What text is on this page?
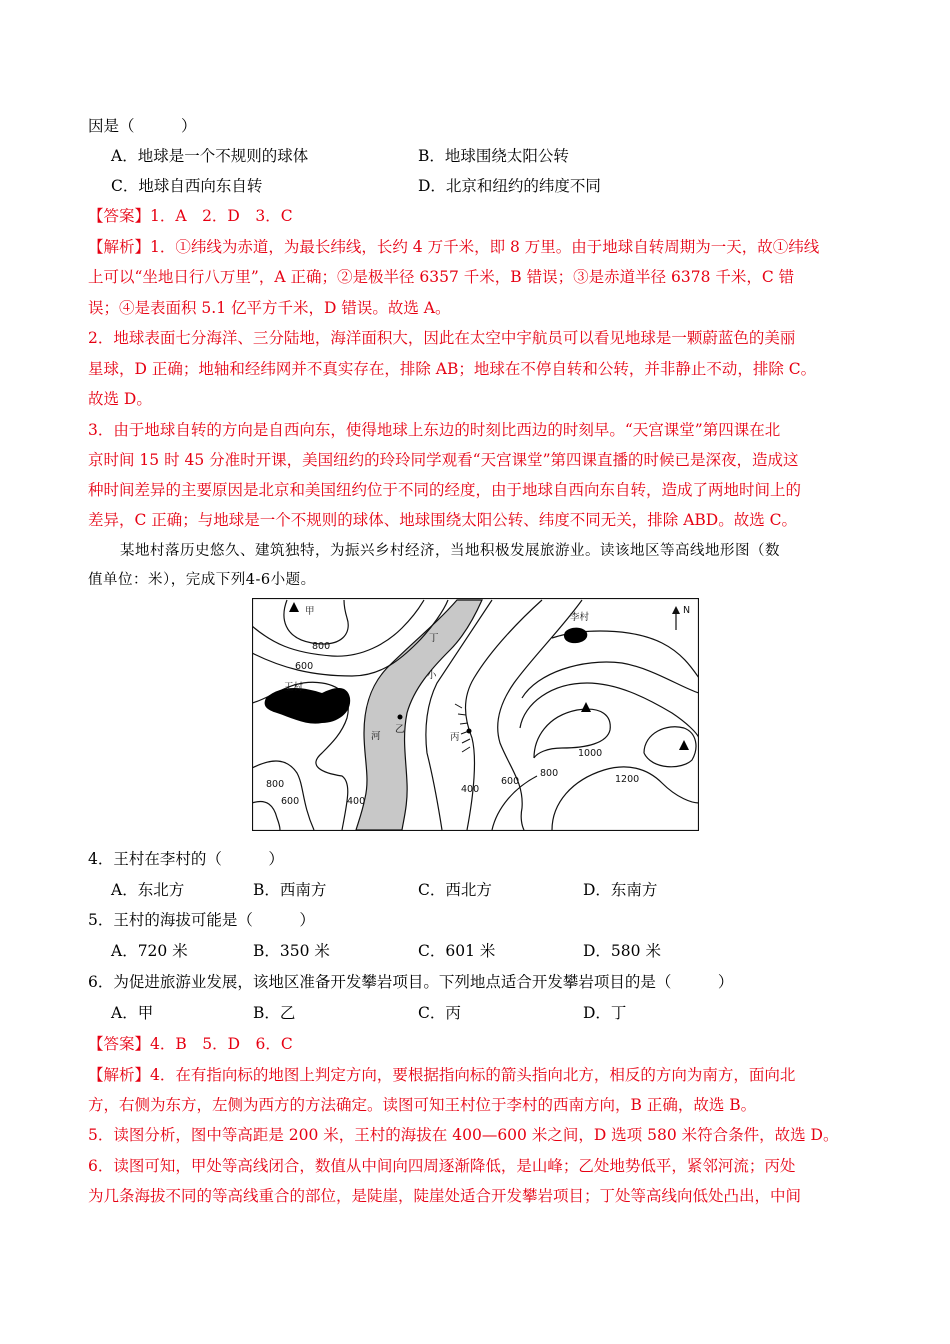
因是（　　　）
A．地球是一个不规则的球体	B．地球围绕太阳公转
C．地球自西向东自转	D．北京和纽约的纬度不同
【答案】1．A　2．D　3．C
【解析】1．①纬线为赤道，为最长纬线，长约 4 万千米，即 8 万里。由于地球自转周期为一天，故①纬线
上可以“坐地日行八万里”，A 正确；②是极半径 6357 千米，B 错误；③是赤道半径 6378 千米，C 错
误；④是表面积 5.1 亿平方千米，D 错误。故选 A。
2．地球表面七分海洋、三分陆地，海洋面积大，因此在太空中宇航员可以看见地球是一颗蔚蓝色的美丽
星球，D 正确；地轴和经纬网并不真实存在，排除 AB；地球在不停自转和公转，并非静止不动，排除 C。
故选 D。
3．由于地球自转的方向是自西向东，使得地球上东边的时刻比西边的时刻早。“天宫课堂”第四课在北
京时间 15 时 45 分准时开课，美国纽约的玲玲同学观看“天宫课堂”第四课直播的时候已是深夜，造成这
种时间差异的主要原因是北京和美国纽约位于不同的经度，由于地球自西向东自转，造成了两地时间上的
差异，C 正确；与地球是一个不规则的球体、地球围绕太阳公转、纬度不同无关，排除 ABD。故选 C。
某地村落历史悠久、建筑独特，为振兴乡村经济，当地积极发展旅游业。读该地区等高线地形图（数
值单位：米），完成下列4-6小题。
N
甲
李村
丁
小
王村
河
乙
丙
800
600
800
600	400
400
600
800
1000
1200
4．王村在李村的（　　　）
A．东北方	B．西南方	C．西北方	D．东南方
5．王村的海拔可能是（　　　）
A．720 米	B．350 米	C．601 米	D．580 米
6．为促进旅游业发展，该地区准备开发攀岩项目。下列地点适合开发攀岩项目的是（　　　）
A．甲	B．乙	C．丙	D．丁
【答案】4．B　5．D　6．C
【解析】4．在有指向标的地图上判定方向，要根据指向标的箭头指向北方，相反的方向为南方，面向北
方，右侧为东方，左侧为西方的方法确定。读图可知王村位于李村的西南方向，B 正确，故选 B。
5．读图分析，图中等高距是 200 米，王村的海拔在 400—600 米之间，D 选项 580 米符合条件，故选 D。
6．读图可知，甲处等高线闭合，数值从中间向四周逐渐降低，是山峰；乙处地势低平，紧邻河流；丙处
为几条海拔不同的等高线重合的部位，是陡崖，陡崖处适合开发攀岩项目；丁处等高线向低处凸出，中间
